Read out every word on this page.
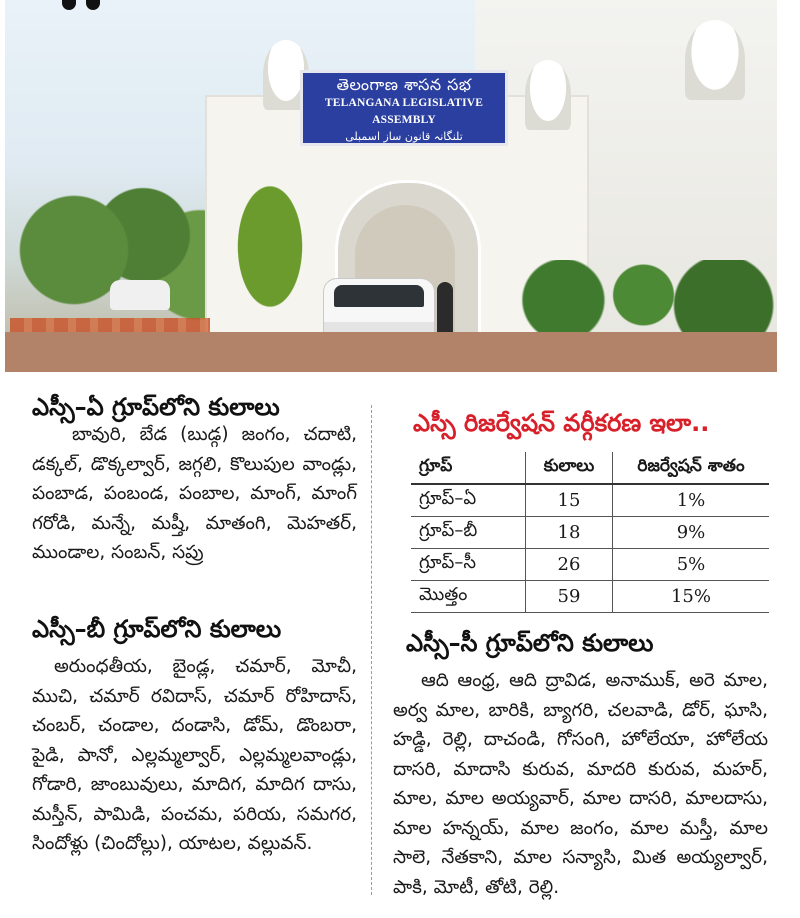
తెలంగాణ శాసన సభ
TELANGANA LEGISLATIVE ASSEMBLY
تلنگانہ قانون ساز اسمبلی
ఎస్సీ–ఏ గ్రూప్‌లోని కులాలు

బావురి, బేడ (బుడ్గ) జంగం, చదాటి, డక్కల్, డొక్కల్వార్, జగ్గలి, కొలుపుల వాండ్లు, పంబాడ, పంబండ, పంబాల, మాంగ్, మాంగ్ గరోడి, మన్నే, మష్తీ, మాతంగి, మెహతర్, ముండాల, సంబన్, సప్రు

ఎస్సీ–బీ గ్రూప్‌లోని కులాలు

అరుంధతీయ, బైండ్ల, చమార్, మోచీ, ముచి, చమార్ రవిదాస్, చమార్ రోహిదాస్, చంబర్, చండాల, దండాసి, డోమ్, డొంబరా, పైడి, పానో, ఎల్లమ్మల్వార్, ఎల్లమ్మలవాండ్లు, గోడారి, జాంబువులు, మాదిగ, మాదిగ దాసు, మస్తీన్, పామిడి, పంచమ, పరియ, సమగర, సిందోళ్లు (చిందోల్లు), యాటల, వల్లువన్.

ఎస్సీ రిజర్వేషన్ వర్గీకరణ ఇలా..
గ్రూప్	కులాలు	రిజర్వేషన్ శాతం
గ్రూప్–ఏ	15	1%
గ్రూప్–బీ	18	9%
గ్రూప్–సీ	26	5%
మొత్తం	59	15%
ఎస్సీ–సీ గ్రూప్‌లోని కులాలు

ఆది ఆంధ్ర, ఆది ద్రావిడ, అనాముక్, అరె మాల, అర్వ మాల, బారికి, బ్యాగరి, చలవాడి, డోర్, ఘాసి, హడ్డి, రెల్లి, దాచండి, గోసంగి, హోలేయా, హోలేయ దాసరి, మాదాసి కురువ, మాదరి కురువ, మహర్, మాల, మాల అయ్యవార్, మాల దాసరి, మాలదాసు, మాల హన్నయ్, మాల జంగం, మాల మస్తీ, మాల సాలె, నేతకాని, మాల సన్యాసి, మిత అయ్యల్వార్, పాకి, మోటీ, తోటి, రెల్లి.
